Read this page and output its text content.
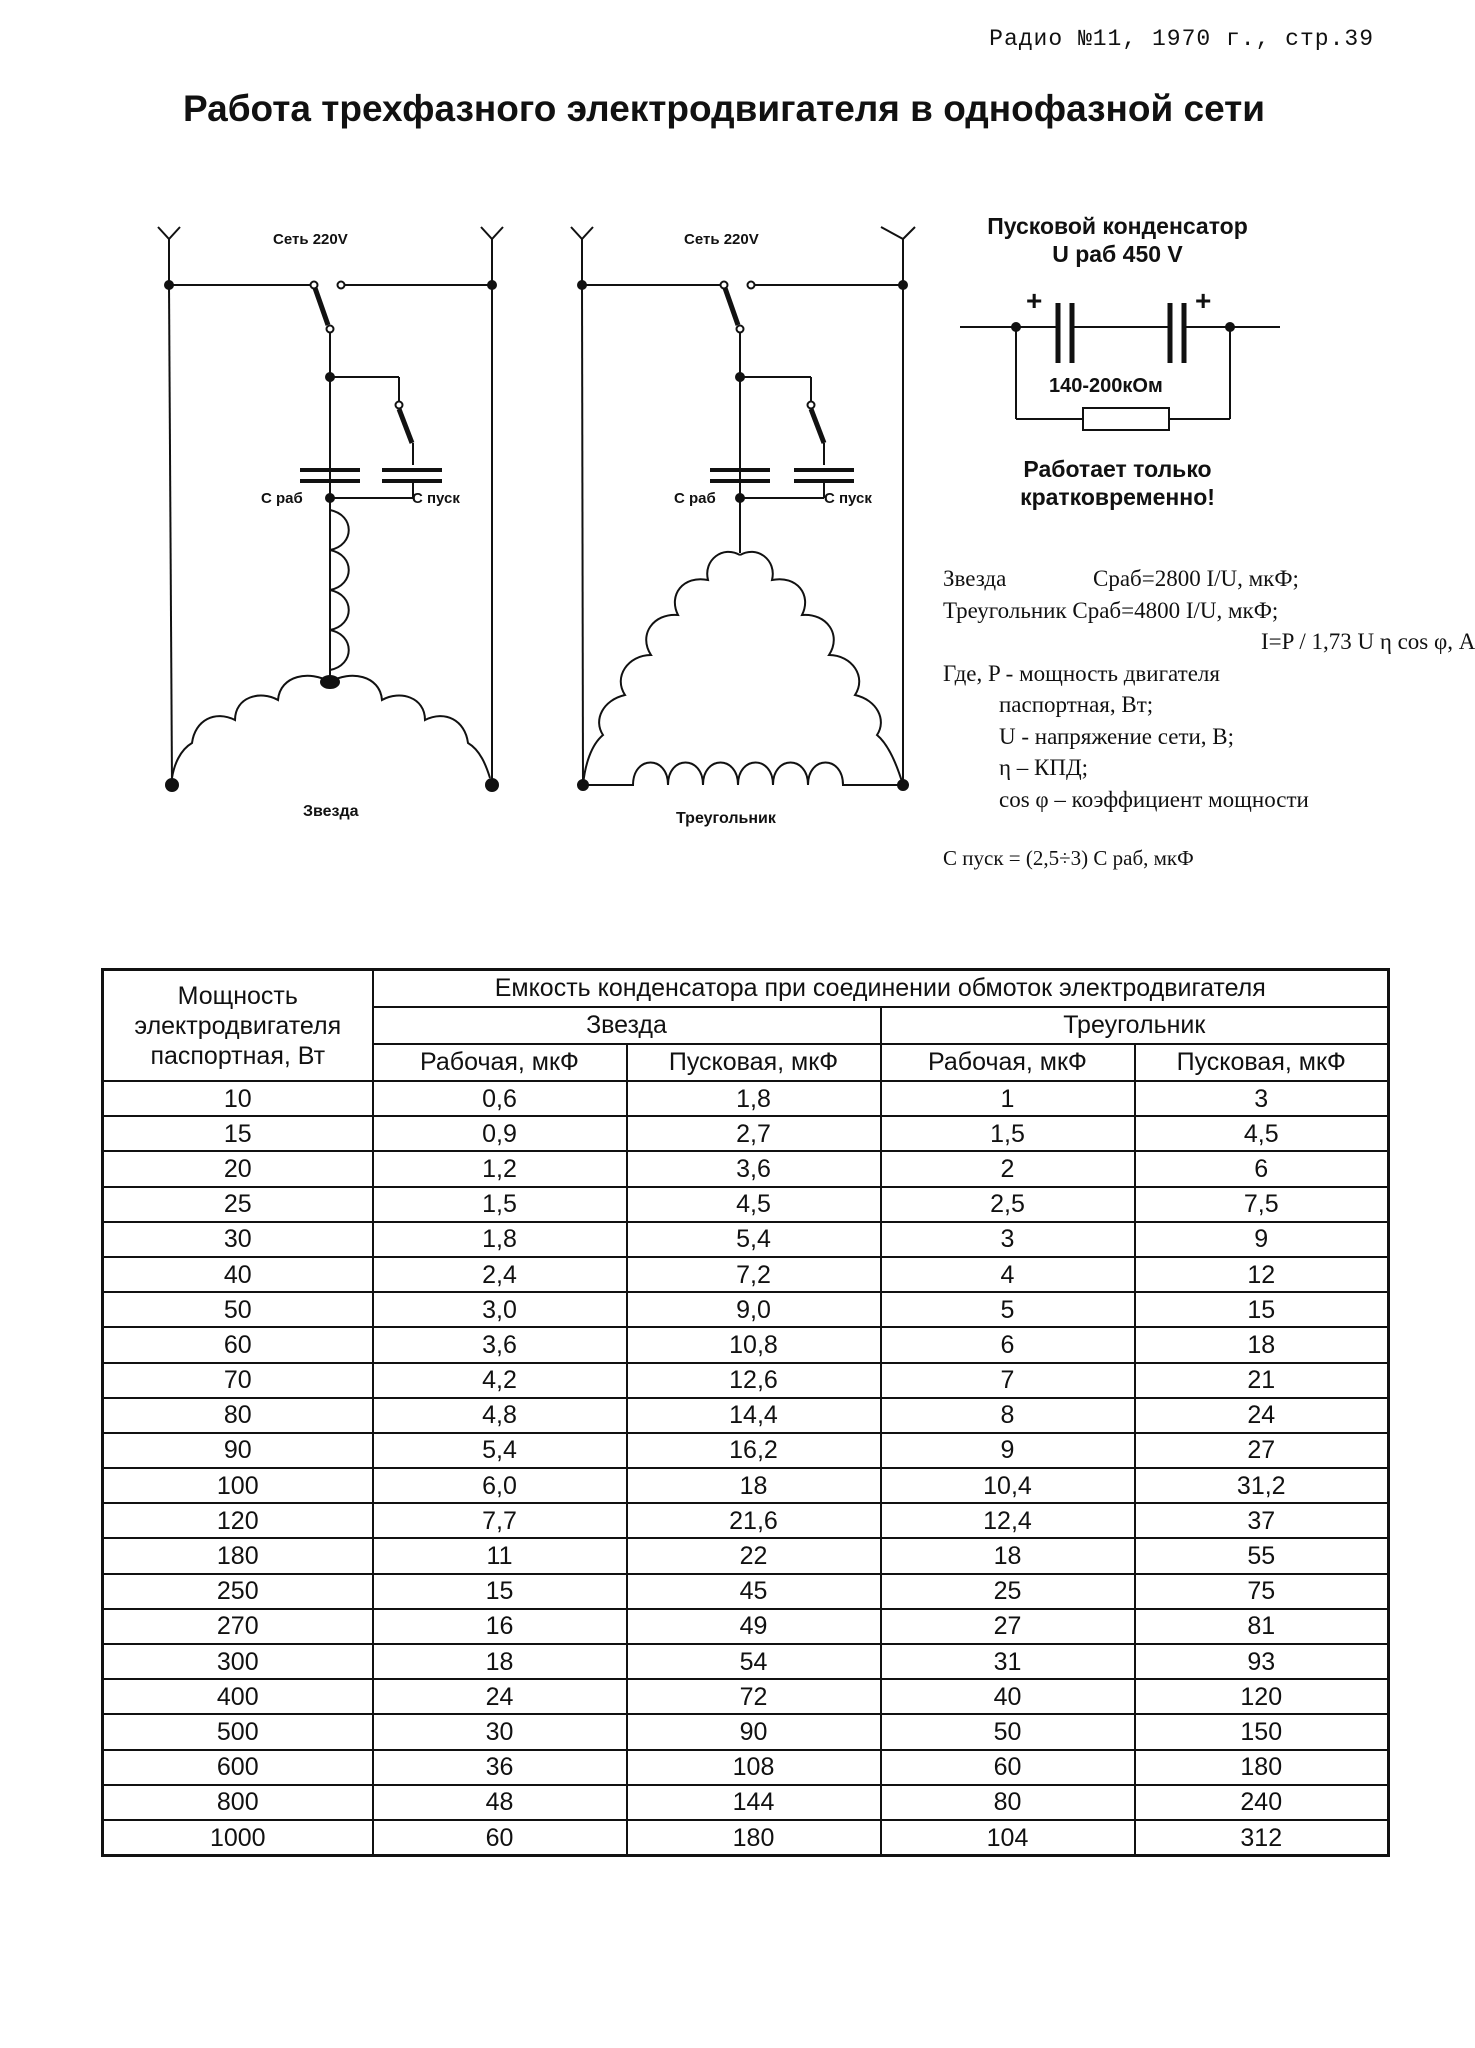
Радио №11, 1970 г., стр.39
Работа трехфазного электродвигателя в однофазной сети
Сеть 220V
С раб	С пуск
Звезда
Сеть 220V
С раб	С пуск
Треугольник
Пусковой конденсатор
U раб 450 V
+	+
140-200кОм
Работает только
кратковременно!
Звезда	Сраб=2800 I/U, мкФ;
Треугольник Сраб=4800 I/U, мкФ;
I=P / 1,73 U η cos φ, А
Где, P - мощность двигателя
паспортная, Вт;
U - напряжение сети, В;
η – КПД;
cos φ – коэффициент мощности
С пуск = (2,5÷3) С раб, мкФ
Мощность электродвигателя паспортная, Вт	Емкость конденсатора при соединении обмоток электродвигателя			
	Звезда		Треугольник	
	Рабочая, мкФ	Пусковая, мкФ	Рабочая, мкФ	Пусковая, мкФ
10	0,6	1,8	1	3
15	0,9	2,7	1,5	4,5
20	1,2	3,6	2	6
25	1,5	4,5	2,5	7,5
30	1,8	5,4	3	9
40	2,4	7,2	4	12
50	3,0	9,0	5	15
60	3,6	10,8	6	18
70	4,2	12,6	7	21
80	4,8	14,4	8	24
90	5,4	16,2	9	27
100	6,0	18	10,4	31,2
120	7,7	21,6	12,4	37
180	11	22	18	55
250	15	45	25	75
270	16	49	27	81
300	18	54	31	93
400	24	72	40	120
500	30	90	50	150
600	36	108	60	180
800	48	144	80	240
1000	60	180	104	312
